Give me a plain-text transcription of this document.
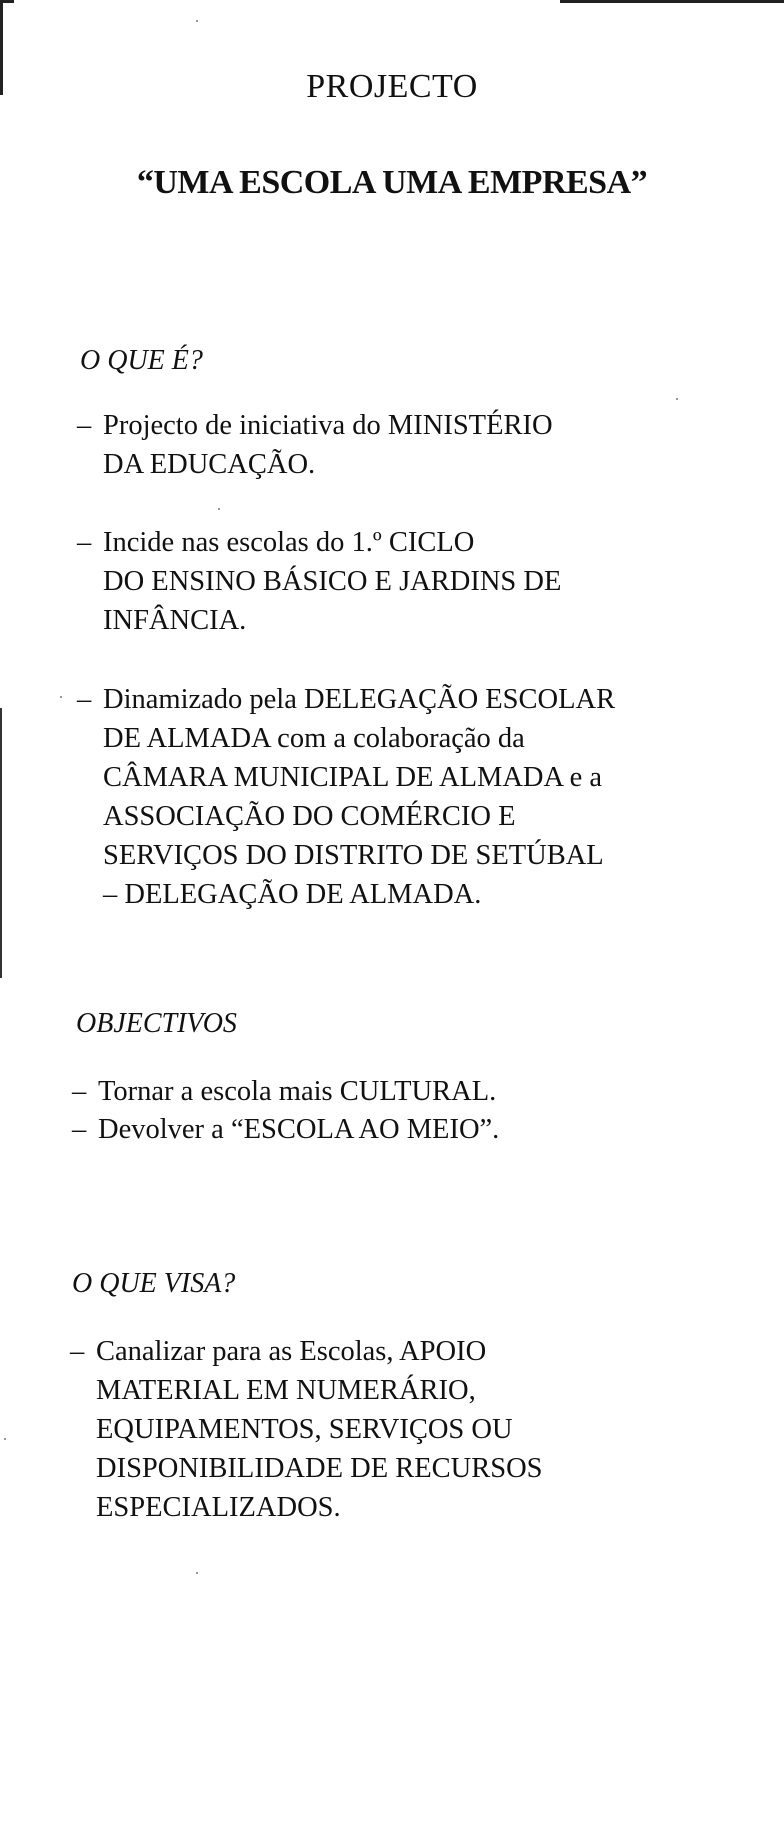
PROJECTO
“UMA ESCOLA UMA EMPRESA”
O QUE É?
– Projecto de iniciativa do MINISTÉRIO
DA EDUCAÇÃO.
– Incide nas escolas do 1.º CICLO
DO ENSINO BÁSICO E JARDINS DE
INFÂNCIA.
– Dinamizado pela DELEGAÇÃO ESCOLAR
DE ALMADA com a colaboração da
CÂMARA MUNICIPAL DE ALMADA e a
ASSOCIAÇÃO DO COMÉRCIO E
SERVIÇOS DO DISTRITO DE SETÚBAL
– DELEGAÇÃO DE ALMADA.
OBJECTIVOS
– Tornar a escola mais CULTURAL.
– Devolver a “ESCOLA AO MEIO”.
O QUE VISA?
– Canalizar para as Escolas, APOIO
MATERIAL EM NUMERÁRIO,
EQUIPAMENTOS, SERVIÇOS OU
DISPONIBILIDADE DE RECURSOS
ESPECIALIZADOS.
